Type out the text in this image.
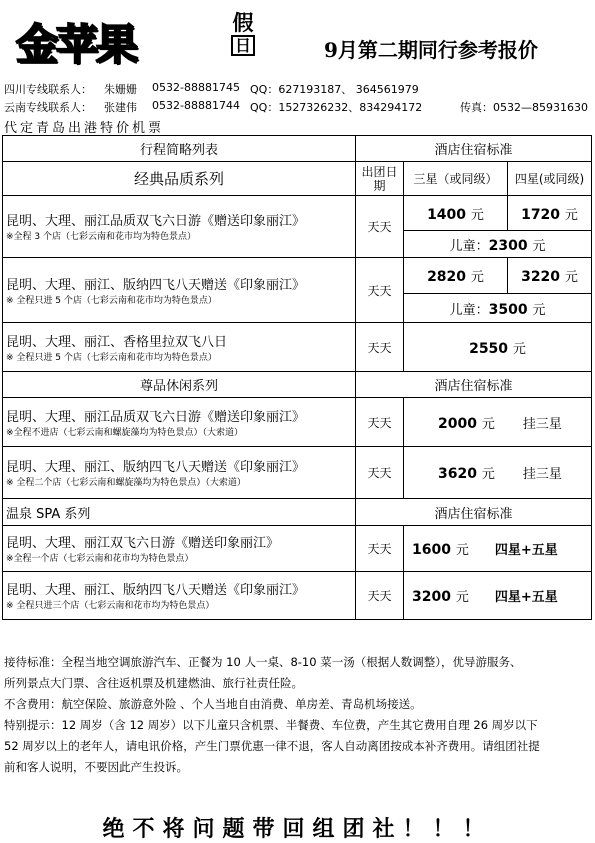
金苹果	假
日	9月第二期同行参考报价
四川专线联系人： 朱姗姗 0532-88881745 QQ：627193187、 364561979
云南专线联系人： 张建伟 0532-88881744 QQ：1527326232、834294172	传真：0532—85931630
代定青岛出港特价机票
行程简略列表	酒店住宿标准		
经典品质系列	出团日期	三星（或同级）	四星(或同级)
昆明、大理、丽江品质双飞六日游《赠送印象丽江》
※全程 3 个店（七彩云南和花市均为特色景点）	天天	1400 元	1720 元
		儿童：2300 元	
昆明、大理、丽江、版纳四飞八天赠送《印象丽江》
※ 全程只进 5 个店（七彩云南和花市均为特色景点）	天天	2820 元	3220 元
		儿童：3500 元	
昆明、大理、丽江、香格里拉双飞八日
※ 全程只进 5 个店（七彩云南和花市均为特色景点）	天天	2550 元	
尊品休闲系列	酒店住宿标准		
昆明、大理、丽江品质双飞六日游《赠送印象丽江》
※全程不进店（七彩云南和螺旋藻均为特色景点）（大索道）	天天	2000 元 挂三星	
昆明、大理、丽江、版纳四飞八天赠送《印象丽江》
※ 全程二个店（七彩云南和螺旋藻均为特色景点）（大索道）	天天	3620 元 挂三星	
温泉 SPA 系列	酒店住宿标准		
昆明、大理、丽江双飞六日游《赠送印象丽江》
※全程一个店（七彩云南和花市均为特色景点）	天天	1600 元 四星+五星	
昆明、大理、丽江、版纳四飞八天赠送《印象丽江》
※ 全程只进三个店（七彩云南和花市均为特色景点）	天天	3200 元 四星+五星	

接待标准：全程当地空调旅游汽车、正餐为 10 人一桌、8-10 菜一汤（根据人数调整），优导游服务、

所列景点大门票、含往返机票及机建燃油、旅行社责任险。

不含费用：航空保险、旅游意外险 、个人当地自由消费、单房差、青岛机场接送。

特别提示：12 周岁（含 12 周岁）以下儿童只含机票、半餐费、车位费，产生其它费用自理 26 周岁以下

52 周岁以上的老年人，请电讯价格，产生门票优惠一律不退，客人自动离团按成本补齐费用。请组团社提

前和客人说明，不要因此产生投诉。

绝不将问题带回组团社！！！
